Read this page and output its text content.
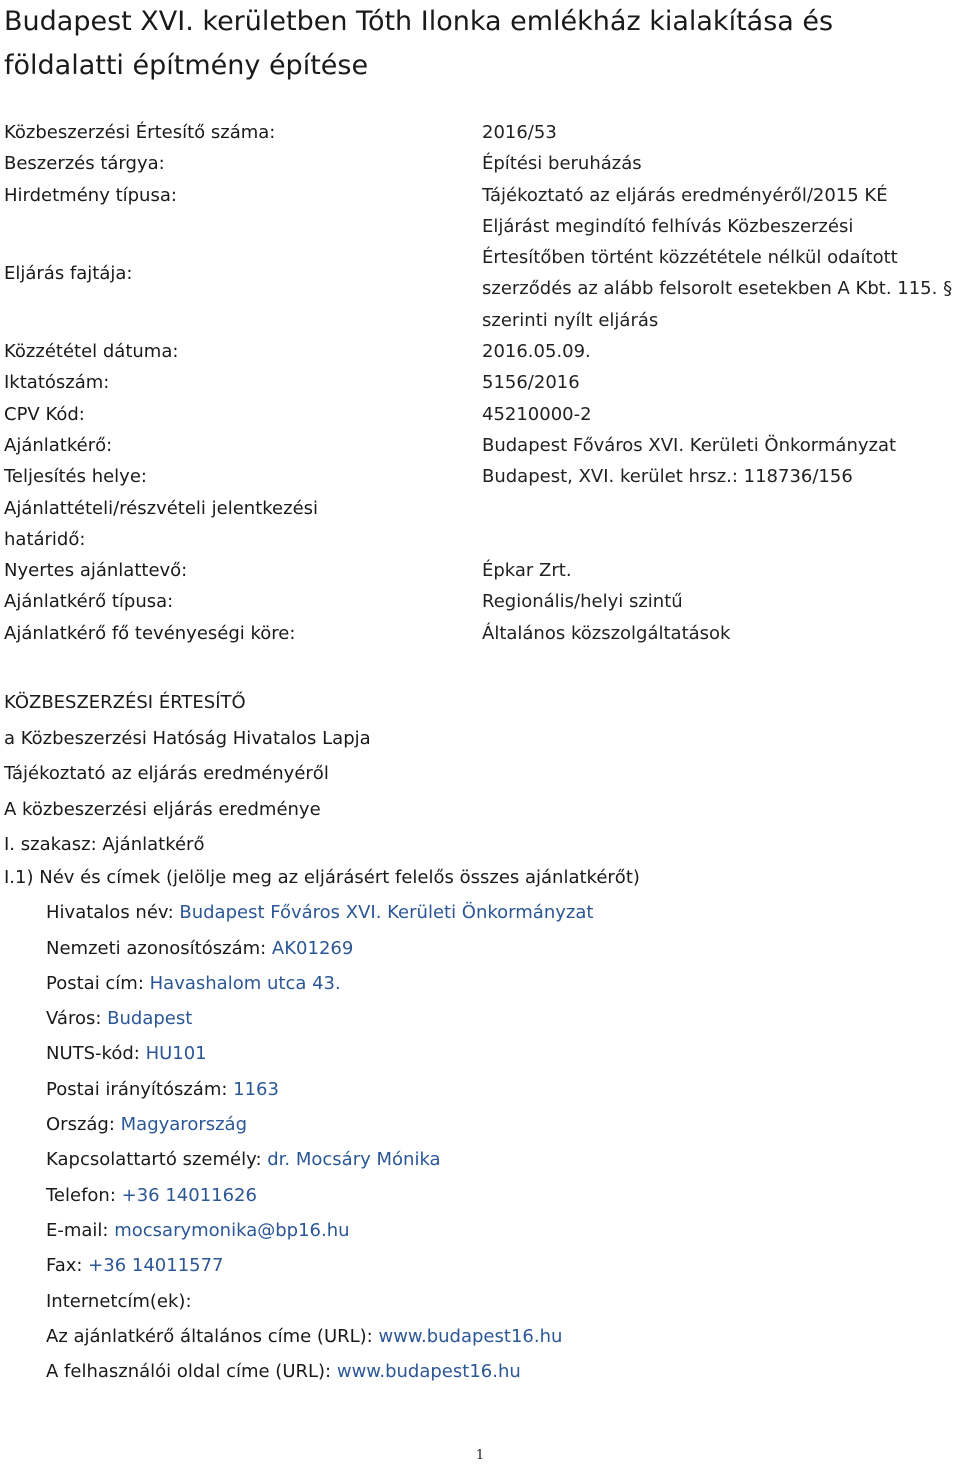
Budapest XVI. kerületben Tóth Ilonka emlékház kialakítása és földalatti építmény építése
Közbeszerzési Értesítő száma:	2016/53
Beszerzés tárgya:	Építési beruházás
Hirdetmény típusa:	Tájékoztató az eljárás eredményéről/2015 KÉ
Eljárás fajtája:
Eljárást megindító felhívás Közbeszerzési
Értesítőben történt közzététele nélkül odaított
szerződés az alább felsorolt esetekben A Kbt. 115. §
szerinti nyílt eljárás
Közzététel dátuma:	2016.05.09.
Iktatószám:	5156/2016
CPV Kód:	45210000-2
Ajánlatkérő:	Budapest Főváros XVI. Kerületi Önkormányzat
Teljesítés helye:	Budapest, XVI. kerület hrsz.: 118736/156
Ajánlattételi/részvételi jelentkezési határidő:
Nyertes ajánlattevő:	Épkar Zrt.
Ajánlatkérő típusa:	Regionális/helyi szintű
Ajánlatkérő fő tevényeségi köre:	Általános közszolgáltatások
KÖZBESZERZÉSI ÉRTESÍTŐ
a Közbeszerzési Hatóság Hivatalos Lapja
Tájékoztató az eljárás eredményéről
A közbeszerzési eljárás eredménye
I. szakasz: Ajánlatkérő
I.1) Név és címek (jelölje meg az eljárásért felelős összes ajánlatkérőt)
Hivatalos név: Budapest Főváros XVI. Kerületi Önkormányzat
Nemzeti azonosítószám: AK01269
Postai cím: Havashalom utca 43.
Város: Budapest
NUTS-kód: HU101
Postai irányítószám: 1163
Ország: Magyarország
Kapcsolattartó személy: dr. Mocsáry Mónika
Telefon: +36 14011626
E-mail: mocsarymonika@bp16.hu
Fax: +36 14011577
Internetcím(ek):
Az ajánlatkérő általános címe (URL): www.budapest16.hu
A felhasználói oldal címe (URL): www.budapest16.hu
1
